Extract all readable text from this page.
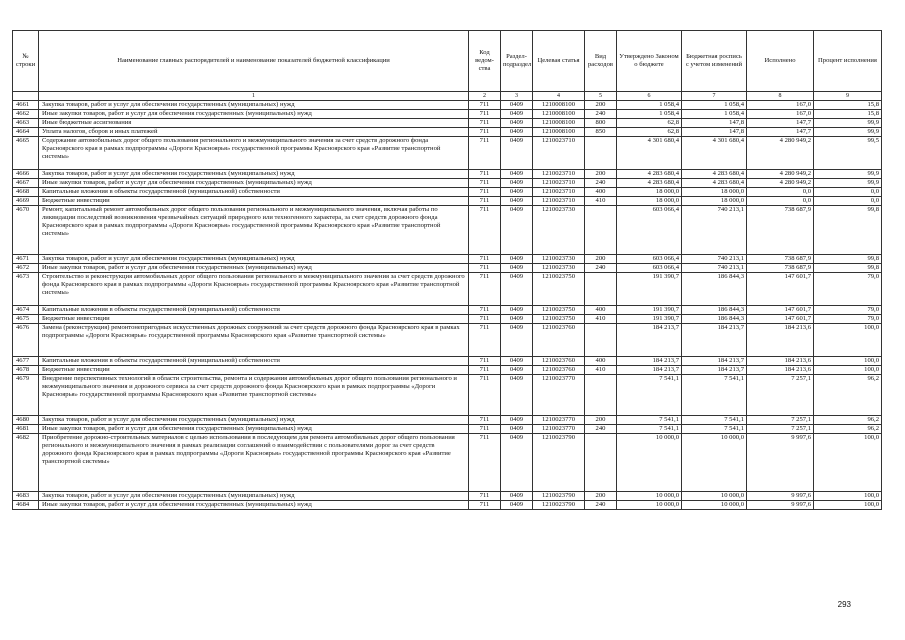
№ строки	Наименование главных распорядителей и наименование показателей бюджетной классификации	Код ведом-ства	Раздел-подраздел	Целевая статья	Вид расходов	Утверждено Законом о бюджете	Бюджетная роспись с учетом изменений	Исполнено	Процент исполнения
	1	2	3	4	5	6	7	8	9
4661	Закупка товаров, работ и услуг для обеспечения государственных (муниципальных) нужд	711	0409	1210008100	200	1 058,4	1 058,4	167,0	15,8
4662	Иные закупки товаров, работ и услуг для обеспечения государственных (муниципальных) нужд	711	0409	1210008100	240	1 058,4	1 058,4	167,0	15,8
4663	Иные бюджетные ассигнования	711	0409	1210008100	800	62,8	147,8	147,7	99,9
4664	Уплата налогов, сборов и иных платежей	711	0409	1210008100	850	62,8	147,8	147,7	99,9
4665	Содержание автомобильных дорог общего пользования регионального и межмуниципального значения за счет средств дорожного фонда Красноярского края в рамках подпрограммы «Дороги Красноярья» государственной программы Красноярского края «Развитие транспортной системы»	711	0409	1210023710		4 301 680,4	4 301 680,4	4 280 949,2	99,5
4666	Закупка товаров, работ и услуг для обеспечения государственных (муниципальных) нужд	711	0409	1210023710	200	4 283 680,4	4 283 680,4	4 280 949,2	99,9
4667	Иные закупки товаров, работ и услуг для обеспечения государственных (муниципальных) нужд	711	0409	1210023710	240	4 283 680,4	4 283 680,4	4 280 949,2	99,9
4668	Капитальные вложения в объекты государственной (муниципальной) собственности	711	0409	1210023710	400	18 000,0	18 000,0	0,0	0,0
4669	Бюджетные инвестиции	711	0409	1210023710	410	18 000,0	18 000,0	0,0	0,0
4670	Ремонт, капитальный ремонт автомобильных дорог общего пользования регионального и межмуниципального значения, включая работы по ликвидации последствий возникновения чрезвычайных ситуаций природного или техногенного характера, за счет средств дорожного фонда Красноярского края в рамках подпрограммы «Дороги Красноярья» государственной программы Красноярского края «Развитие транспортной системы»	711	0409	1210023730		603 066,4	740 213,1	738 687,9	99,8
4671	Закупка товаров, работ и услуг для обеспечения государственных (муниципальных) нужд	711	0409	1210023730	200	603 066,4	740 213,1	738 687,9	99,8
4672	Иные закупки товаров, работ и услуг для обеспечения государственных (муниципальных) нужд	711	0409	1210023730	240	603 066,4	740 213,1	738 687,9	99,8
4673	Строительство и реконструкция автомобильных дорог общего пользования регионального и межмуниципального значения за счет средств дорожного фонда Красноярского края в рамках подпрограммы «Дороги Красноярья» государственной программы Красноярского края «Развитие транспортной системы»	711	0409	1210023750		191 390,7	186 844,3	147 601,7	79,0
4674	Капитальные вложения в объекты государственной (муниципальной) собственности	711	0409	1210023750	400	191 390,7	186 844,3	147 601,7	79,0
4675	Бюджетные инвестиции	711	0409	1210023750	410	191 390,7	186 844,3	147 601,7	79,0
4676	Замена (реконструкция) ремонтонепригодных искусственных дорожных сооружений за счет средств дорожного фонда Красноярского края в рамках подпрограммы «Дороги Красноярья» государственной программы Красноярского края «Развитие транспортной системы»	711	0409	1210023760		184 213,7	184 213,7	184 213,6	100,0
4677	Капитальные вложения в объекты государственной (муниципальной) собственности	711	0409	1210023760	400	184 213,7	184 213,7	184 213,6	100,0
4678	Бюджетные инвестиции	711	0409	1210023760	410	184 213,7	184 213,7	184 213,6	100,0
4679	Внедрение перспективных технологий в области строительства, ремонта и содержания автомобильных дорог общего пользования регионального и межмуниципального значения и дорожного сервиса за счет средств дорожного фонда Красноярского края в рамках подпрограммы «Дороги Красноярья» государственной программы Красноярского края «Развитие транспортной системы»	711	0409	1210023770		7 541,1	7 541,1	7 257,1	96,2
4680	Закупка товаров, работ и услуг для обеспечения государственных (муниципальных) нужд	711	0409	1210023770	200	7 541,1	7 541,1	7 257,1	96,2
4681	Иные закупки товаров, работ и услуг для обеспечения государственных (муниципальных) нужд	711	0409	1210023770	240	7 541,1	7 541,1	7 257,1	96,2
4682	Приобретение дорожно-строительных материалов с целью использования в последующем для ремонта автомобильных дорог общего пользования регионального и межмуниципального значения в рамках реализации соглашений о взаимодействии с пользователями дорог за счет средств дорожного фонда Красноярского края в рамках подпрограммы «Дороги Красноярья» государственной программы Красноярского края «Развитие транспортной системы»	711	0409	1210023790		10 000,0	10 000,0	9 997,6	100,0
4683	Закупка товаров, работ и услуг для обеспечения государственных (муниципальных) нужд	711	0409	1210023790	200	10 000,0	10 000,0	9 997,6	100,0
4684	Иные закупки товаров, работ и услуг для обеспечения государственных (муниципальных) нужд	711	0409	1210023790	240	10 000,0	10 000,0	9 997,6	100,0
293
